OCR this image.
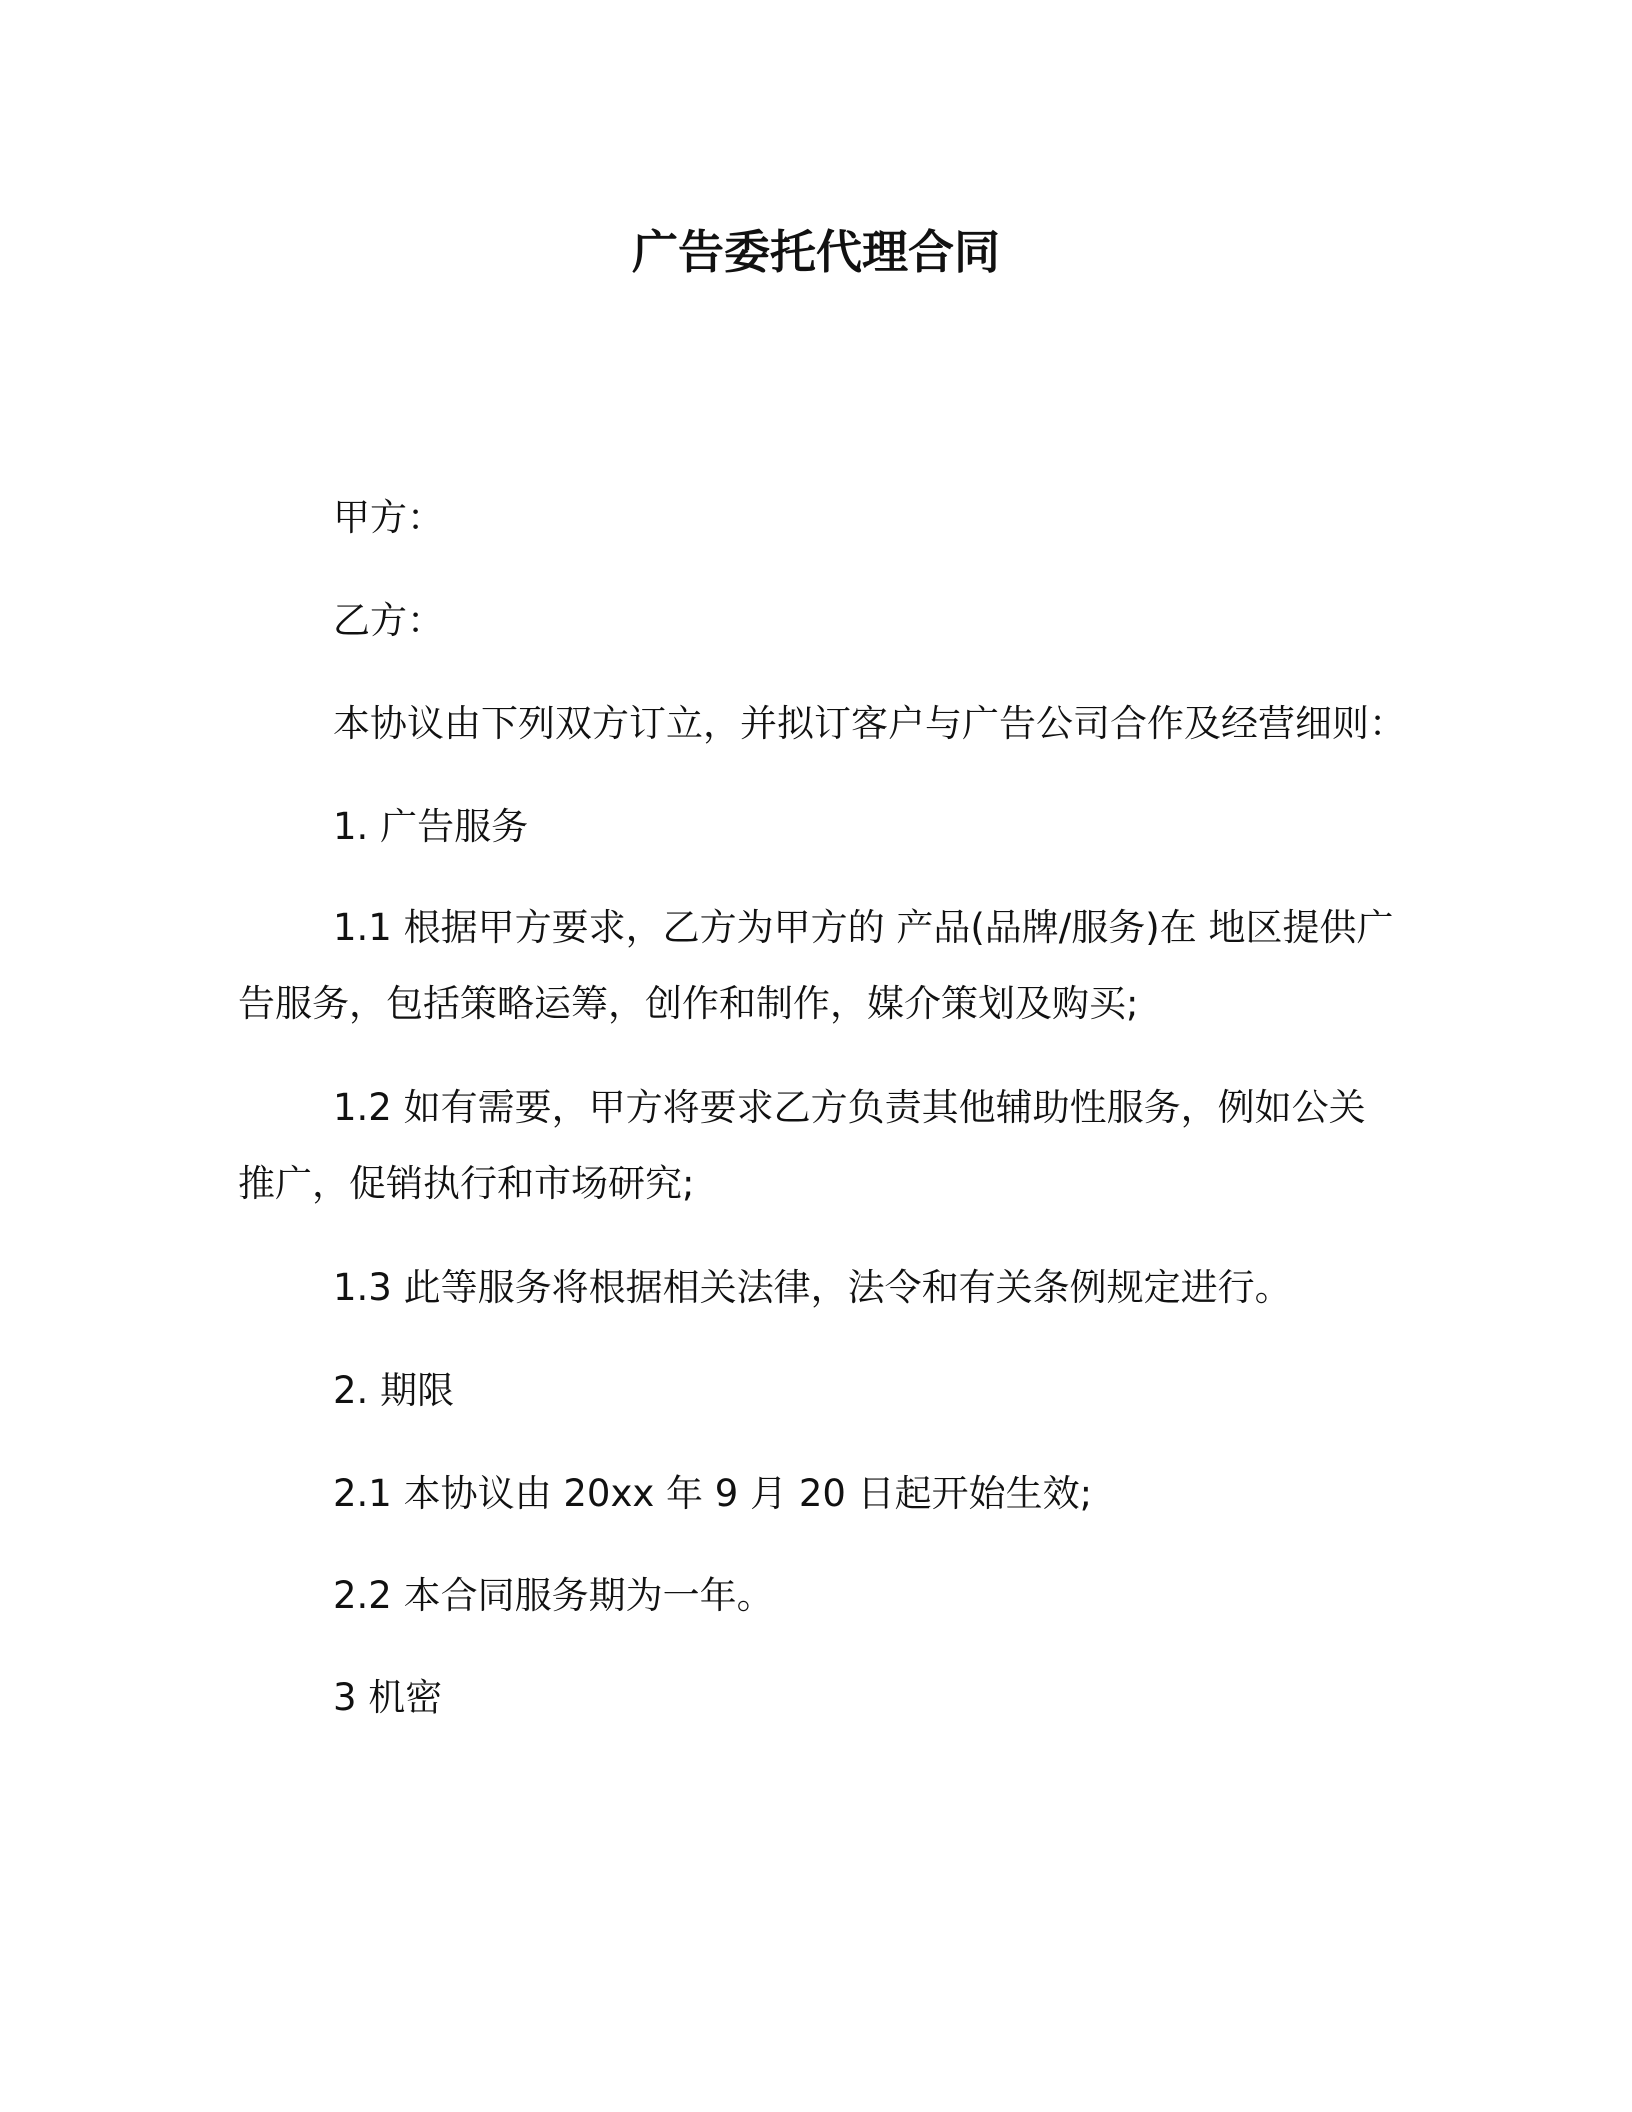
广告委托代理合同

甲方：

乙方：

本协议由下列双方订立，并拟订客户与广告公司合作及经营细则：

1. 广告服务

1.1 根据甲方要求，乙方为甲方的 产品(品牌/服务)在 地区提供广

告服务，包括策略运筹，创作和制作，媒介策划及购买;

1.2 如有需要，甲方将要求乙方负责其他辅助性服务，例如公关

推广，促销执行和市场研究;

1.3 此等服务将根据相关法律，法令和有关条例规定进行。

2. 期限

2.1 本协议由 20xx 年 9 月 20 日起开始生效;

2.2 本合同服务期为一年。

3 机密
